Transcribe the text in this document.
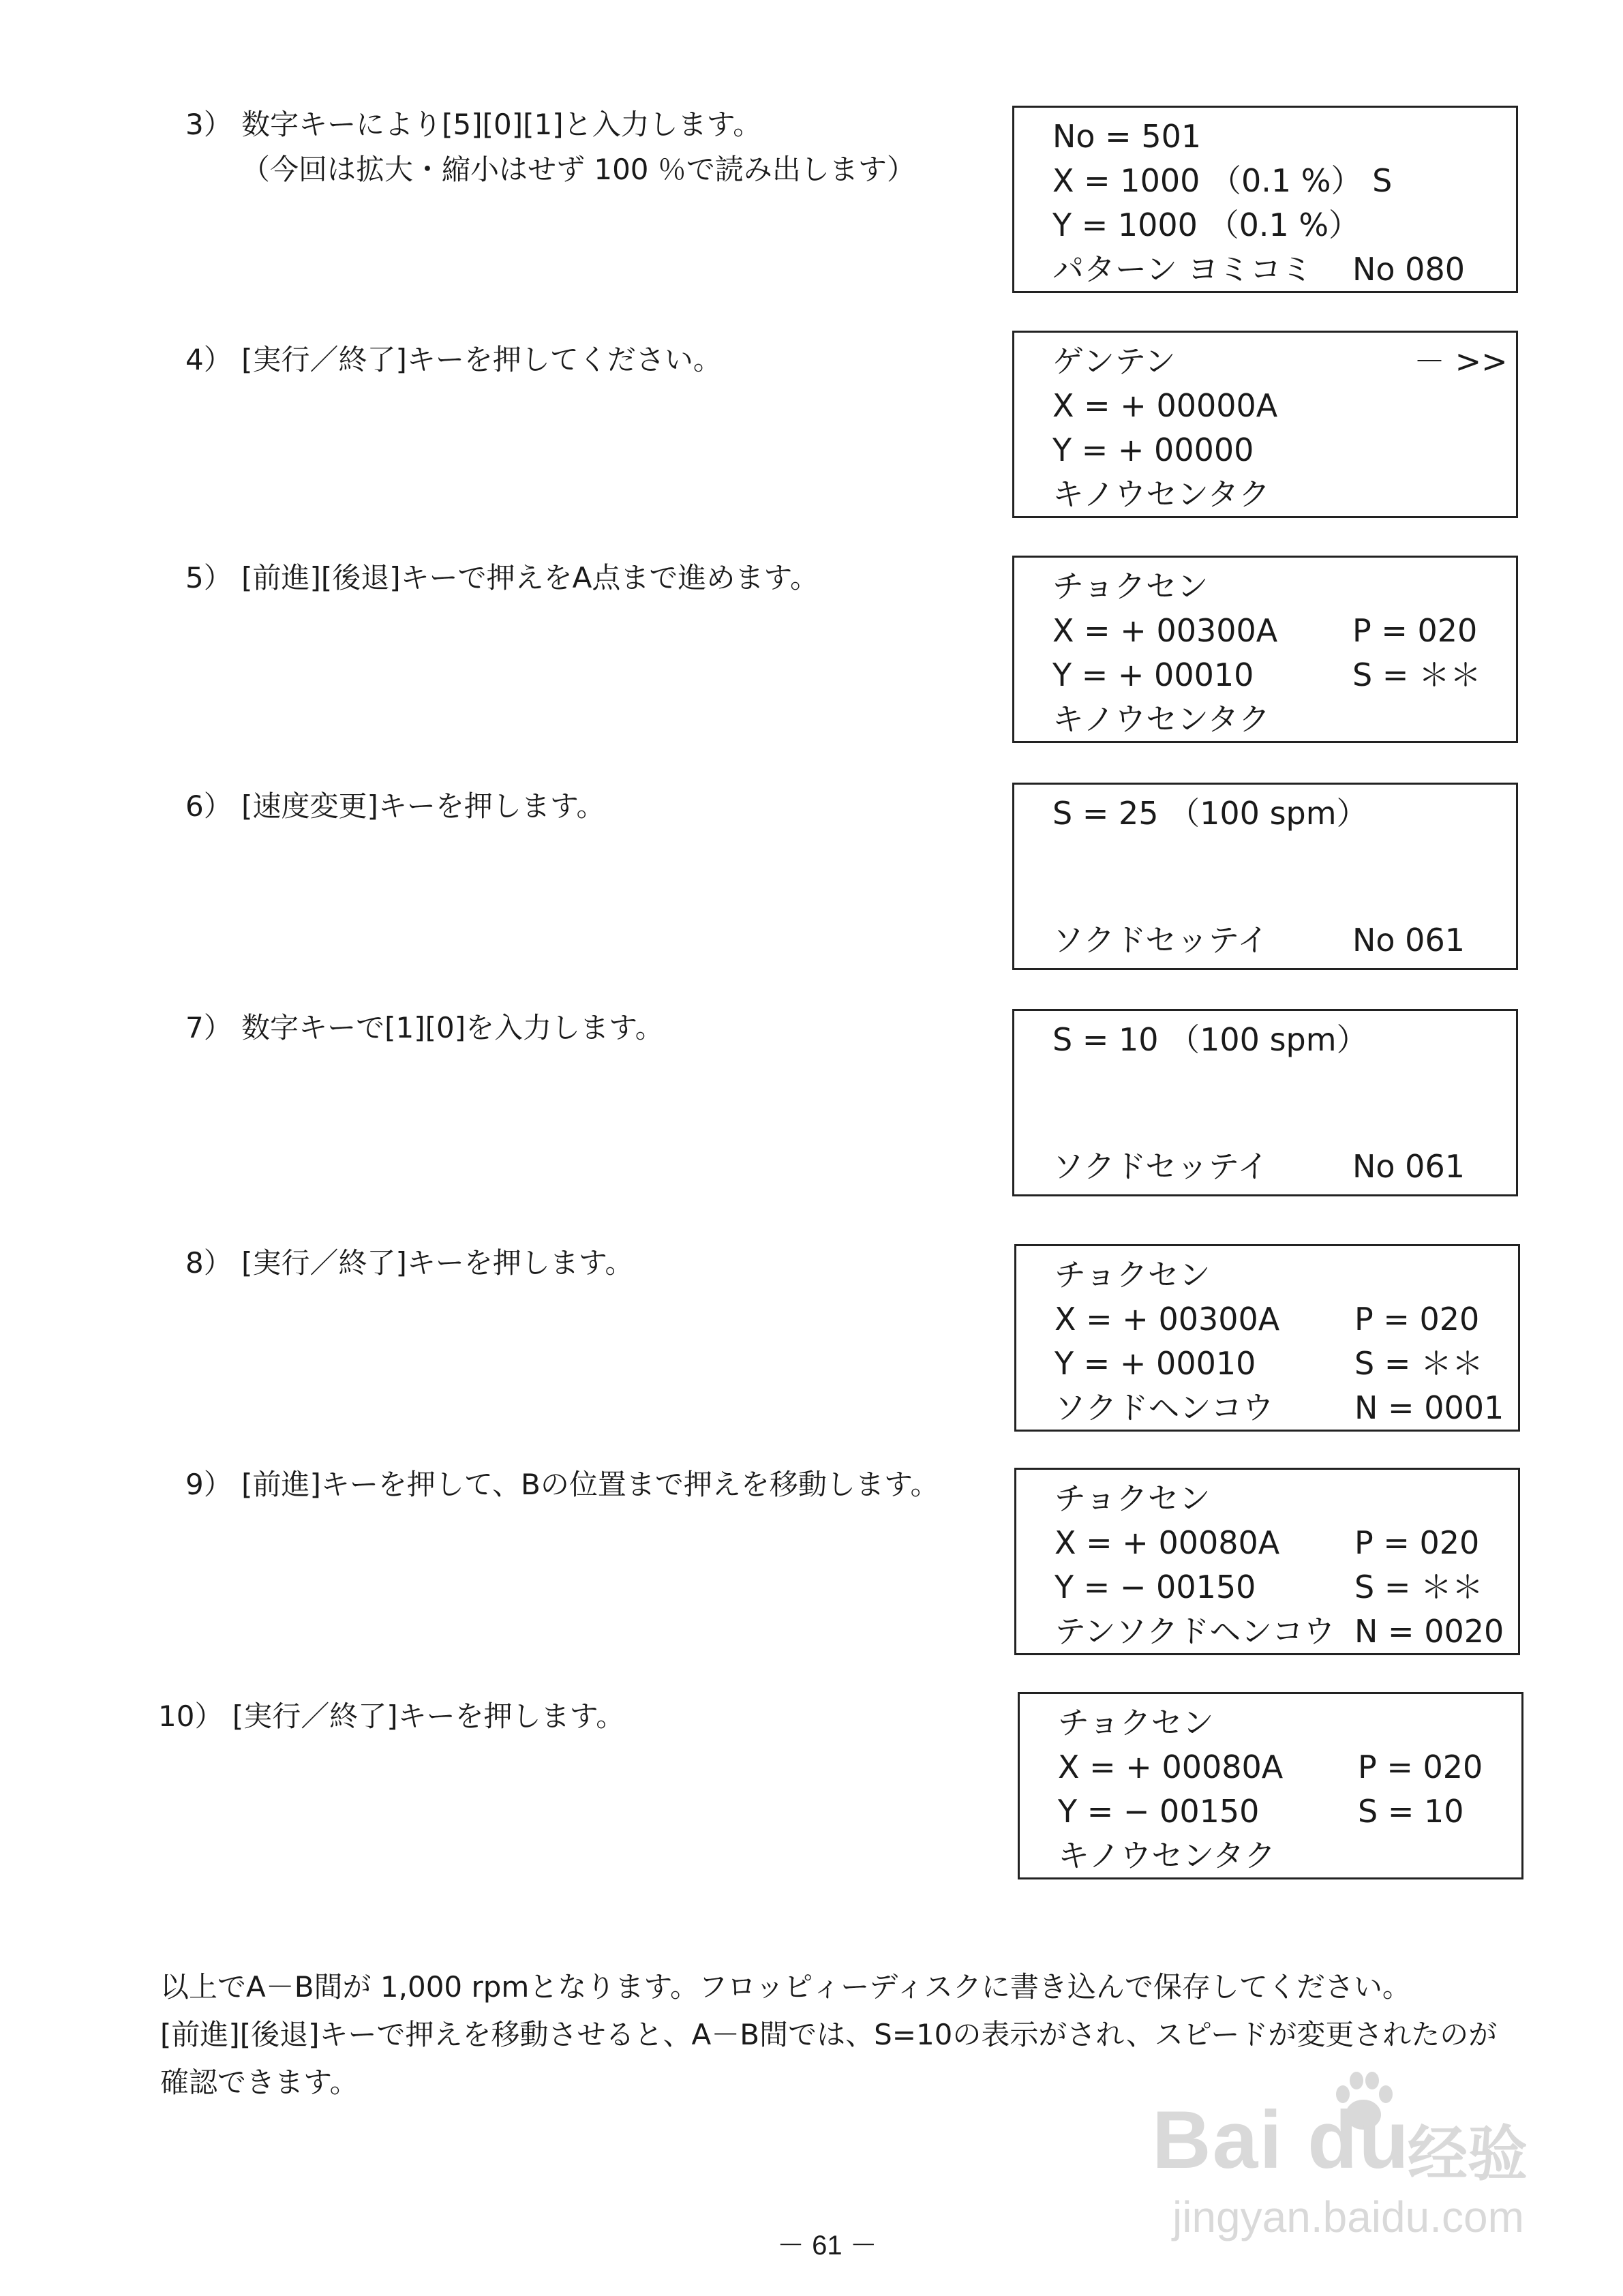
3） 数字キーにより[5][0][1]と入力します。
（今回は拡大・縮小はせず 100 ％で読み出します）
4） [実行／終了]キーを押してください。
5） [前進][後退]キーで押えをA点まで進めます。
6） [速度変更]キーを押します。
7） 数字キーで[1][0]を入力します。
8） [実行／終了]キーを押します。
9） [前進]キーを押して、Bの位置まで押えを移動します。
10） [実行／終了]キーを押します。
No = 501
X = 1000 （0.1 %） S
Y = 1000 （0.1 %）
パターン ヨミコミ No 080
ゲンテン	－ >>
X = + 00000A
Y = + 00000
キノウセンタク
チョクセン
X = + 00300A P = 020
Y = + 00010	S = ＊＊
キノウセンタク
S = 25 （100 spm）
ソクドセッテイ	No 061
S = 10 （100 spm）
ソクドセッテイ	No 061
チョクセン
X = + 00300A P = 020
Y = + 00010	S = ＊＊
ソクドヘンコウ	N = 0001
チョクセン
X = + 00080A P = 020
Y = − 00150	S = ＊＊
テンソクドヘンコウ N = 0020
チョクセン
X = + 00080A P = 020
Y = − 00150	S = 10
キノウセンタク
以上でA－B間が 1,000 rpmとなります。フロッピィーディスクに書き込んで保存してください。
[前進][後退]キーで押えを移動させると、A－B間では、S=10の表示がされ、スピードが変更されたのが
確認できます。
Bai du
经验
jingyan.baidu.com
－ 61 －
